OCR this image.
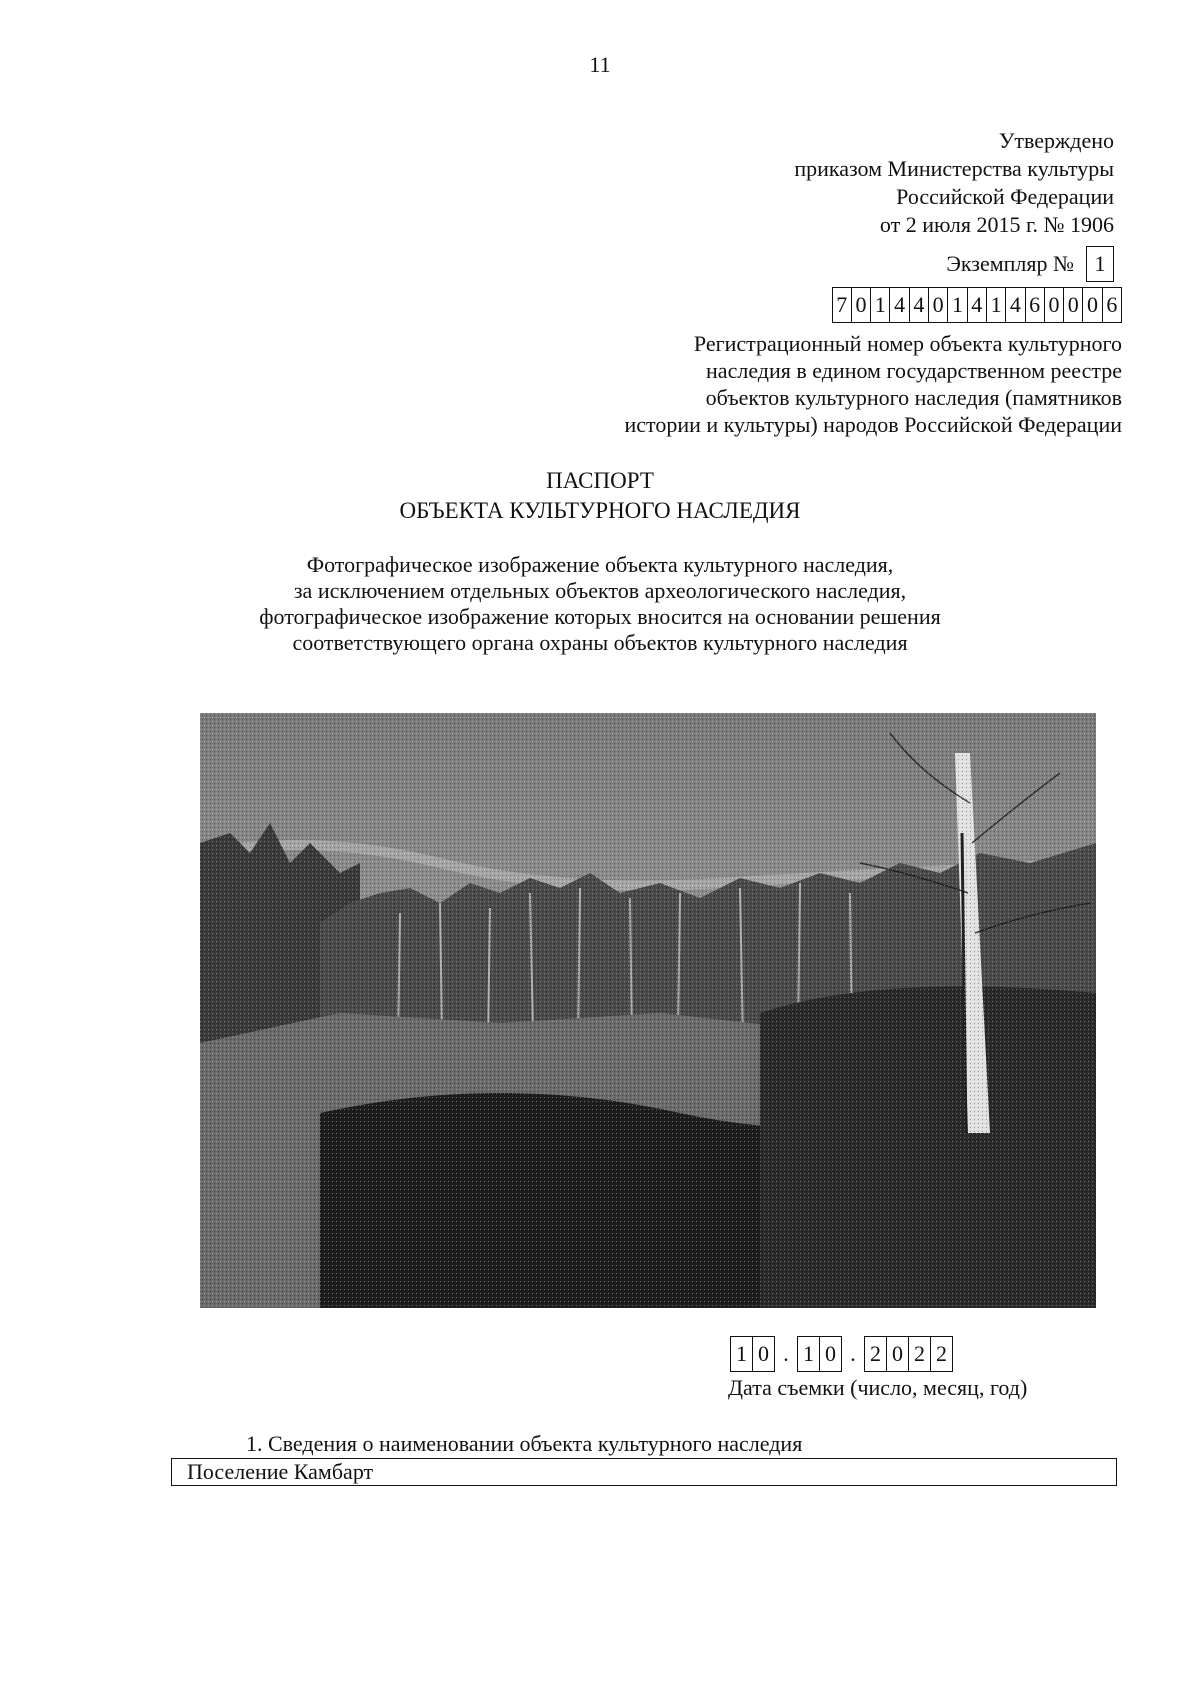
11
Утверждено
приказом Министерства культуры
Российской Федерации
от 2 июля 2015 г. № 1906
Экземпляр № 1
7 0 1 4 4 0 1 4 1 4 6 0 0 0 6
Регистрационный номер объекта культурного
наследия в едином государственном реестре
объектов культурного наследия (памятников
истории и культуры) народов Российской Федерации
ПАСПОРТ
ОБЪЕКТА КУЛЬТУРНОГО НАСЛЕДИЯ
Фотографическое изображение объекта культурного наследия,
за исключением отдельных объектов археологического наследия,
фотографическое изображение которых вносится на основании решения
соответствующего органа охраны объектов культурного наследия
1 0 . 1 0 . 2 0 2 2
Дата съемки (число, месяц, год)
1. Сведения о наименовании объекта культурного наследия
Поселение Камбарт
